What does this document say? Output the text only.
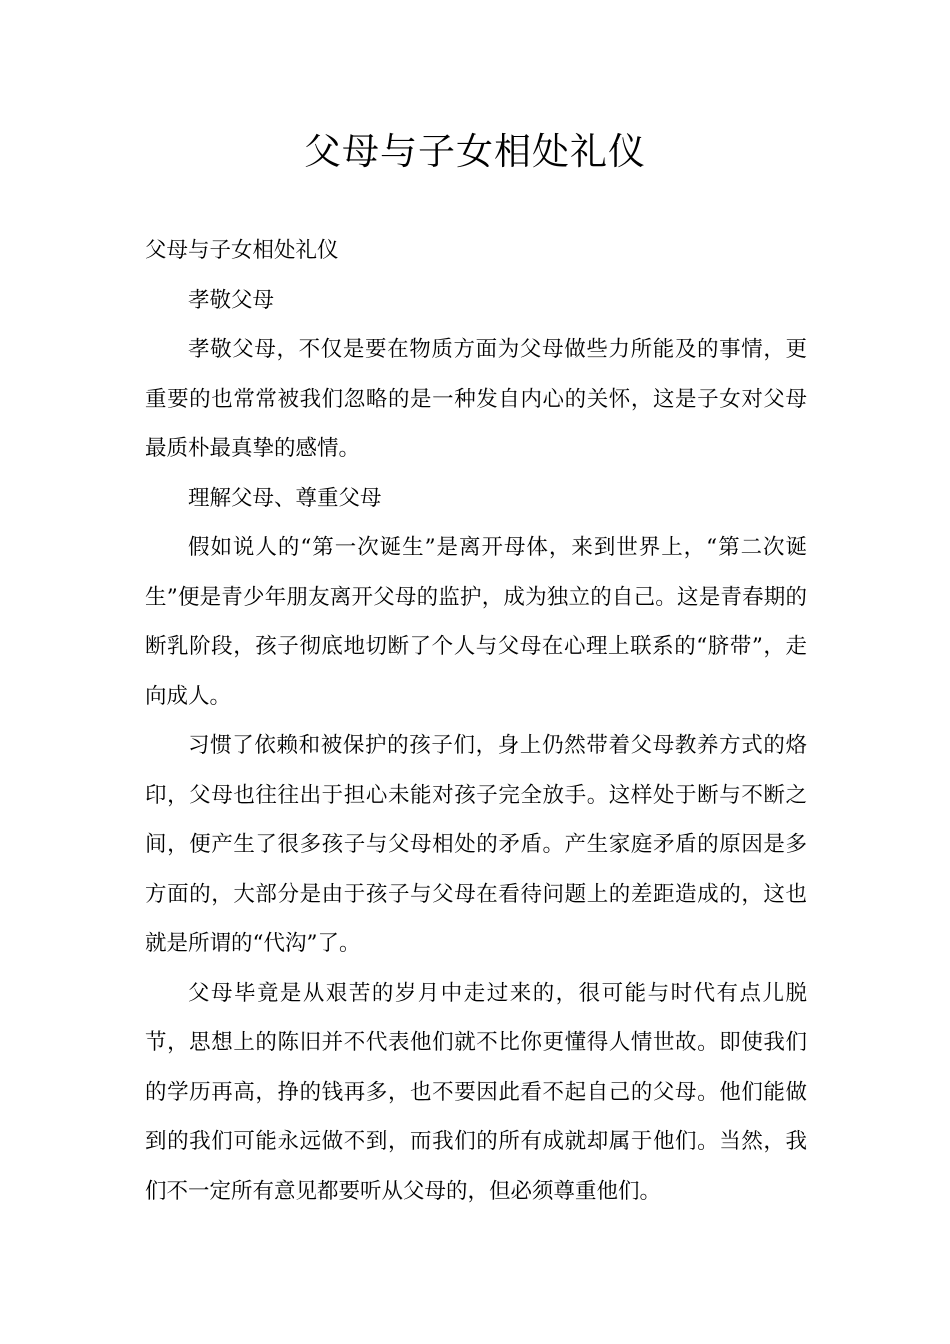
父母与子女相处礼仪

父母与子女相处礼仪

孝敬父母

孝敬父母，不仅是要在物质方面为父母做些力所能及的事情，更重要的也常常被我们忽略的是一种发自内心的关怀，这是子女对父母最质朴最真挚的感情。

理解父母、尊重父母

假如说人的“第一次诞生”是离开母体，来到世界上，“第二次诞生”便是青少年朋友离开父母的监护，成为独立的自己。这是青春期的断乳阶段，孩子彻底地切断了个人与父母在心理上联系的“脐带”，走向成人。

习惯了依赖和被保护的孩子们，身上仍然带着父母教养方式的烙印，父母也往往出于担心未能对孩子完全放手。这样处于断与不断之间，便产生了很多孩子与父母相处的矛盾。产生家庭矛盾的原因是多方面的，大部分是由于孩子与父母在看待问题上的差距造成的，这也就是所谓的“代沟”了。

父母毕竟是从艰苦的岁月中走过来的，很可能与时代有点儿脱节，思想上的陈旧并不代表他们就不比你更懂得人情世故。即使我们的学历再高，挣的钱再多，也不要因此看不起自己的父母。他们能做到的我们可能永远做不到，而我们的所有成就却属于他们。当然，我们不一定所有意见都要听从父母的，但必须尊重他们。
